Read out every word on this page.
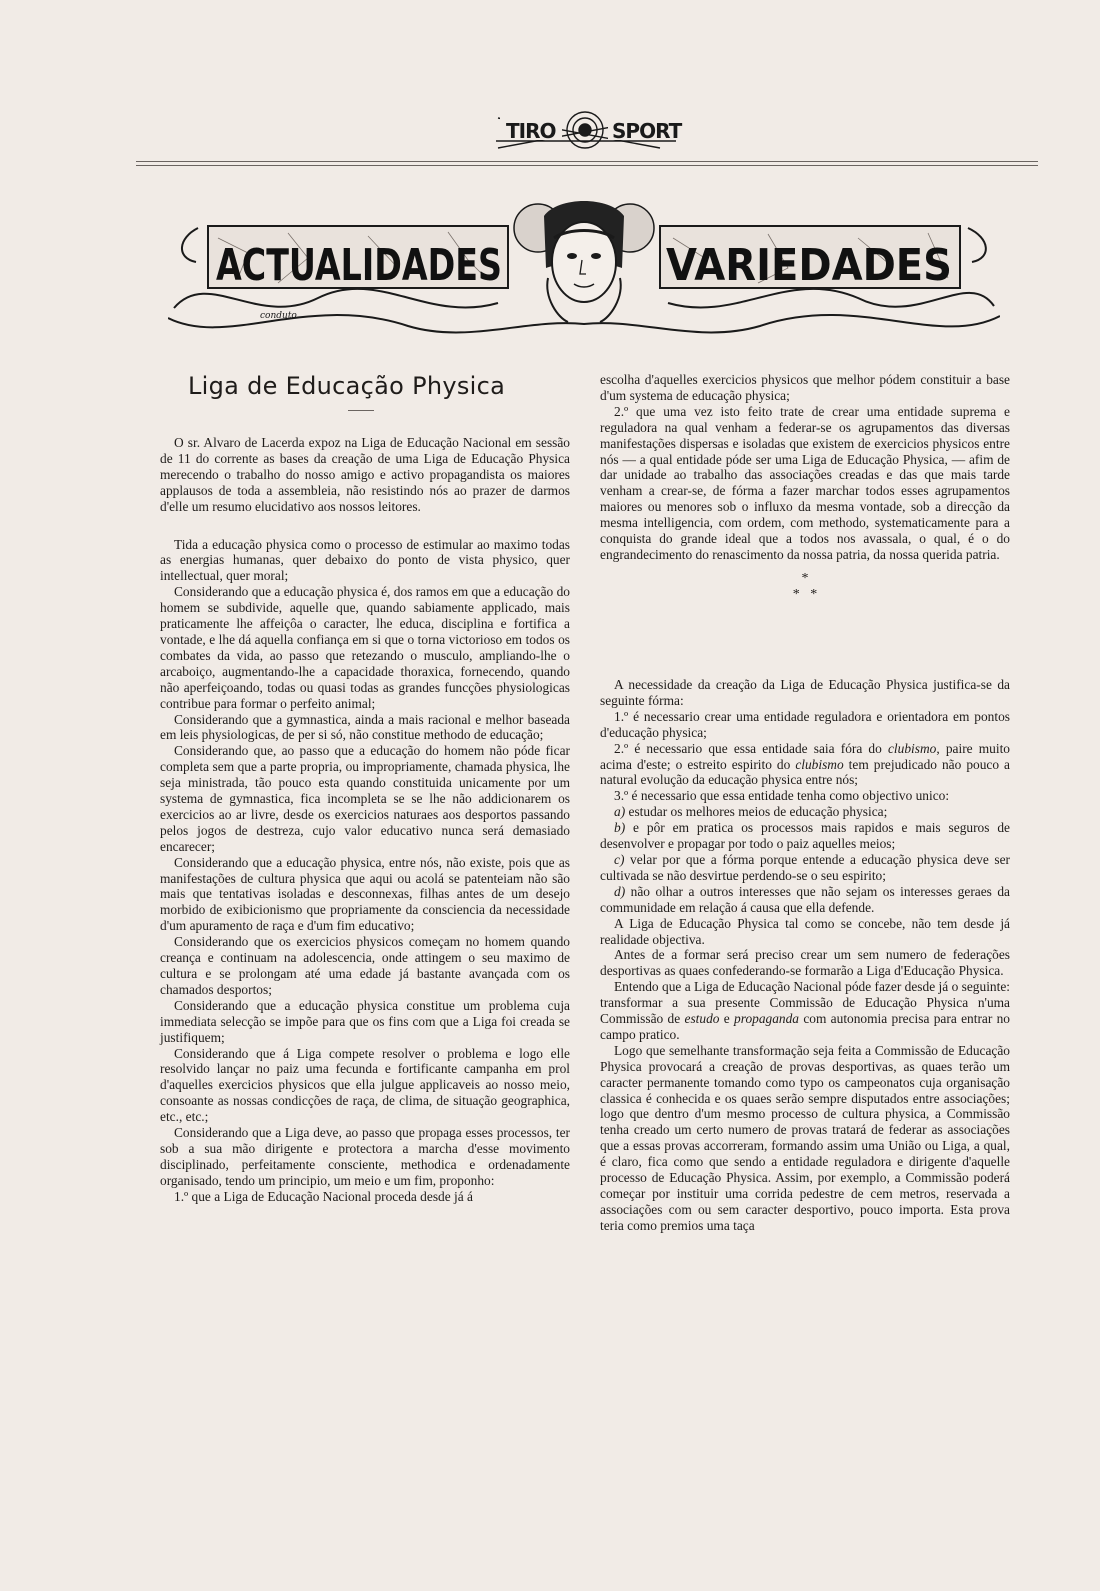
TIRO	SPORT
ACTUALIDADES	VARIEDADES
conduto
Liga de Educação Physica

O sr. Alvaro de Lacerda expoz na Liga de Educação Nacional em sessão de 11 do corrente as bases da creação de uma Liga de Educação Physica merecendo o trabalho do nosso amigo e activo propagandista os maiores applausos de toda a assembleia, não resistindo nós ao prazer de darmos d'elle um resumo elucidativo aos nossos leitores.

Tida a educação physica como o processo de estimular ao maximo todas as energias humanas, quer debaixo do ponto de vista physico, quer intellectual, quer moral;

Considerando que a educação physica é, dos ramos em que a educação do homem se subdivide, aquelle que, quando sabiamente applicado, mais praticamente lhe affeiçôa o caracter, lhe educa, disciplina e fortifica a vontade, e lhe dá aquella confiança em si que o torna victorioso em todos os combates da vida, ao passo que retezando o musculo, ampliando-lhe o arcaboiço, augmentando-lhe a capacidade thoraxica, fornecendo, quando não aperfeiçoando, todas ou quasi todas as grandes funcções physiologicas contribue para formar o perfeito animal;

Considerando que a gymnastica, ainda a mais racional e melhor baseada em leis physiologicas, de per si só, não constitue methodo de educação;

Considerando que, ao passo que a educação do homem não póde ficar completa sem que a parte propria, ou impropriamente, chamada physica, lhe seja ministrada, tão pouco esta quando constituida unicamente por um systema de gymnastica, fica incompleta se se lhe não addicionarem os exercicios ao ar livre, desde os exercicios naturaes aos desportos passando pelos jogos de destreza, cujo valor educativo nunca será demasiado encarecer;

Considerando que a educação physica, entre nós, não existe, pois que as manifestações de cultura physica que aqui ou acolá se patenteiam não são mais que tentativas isoladas e desconnexas, filhas antes de um desejo morbido de exibicionismo que propriamente da consciencia da necessidade d'um apuramento de raça e d'um fim educativo;

Considerando que os exercicios physicos começam no homem quando creança e continuam na adolescencia, onde attingem o seu maximo de cultura e se prolongam até uma edade já bastante avançada com os chamados desportos;

Considerando que a educação physica constitue um problema cuja immediata selecção se impõe para que os fins com que a Liga foi creada se justifiquem;

Considerando que á Liga compete resolver o problema e logo elle resolvido lançar no paiz uma fecunda e fortificante campanha em prol d'aquelles exercicios physicos que ella julgue applicaveis ao nosso meio, consoante as nossas condicções de raça, de clima, de situação geographica, etc., etc.;

Considerando que a Liga deve, ao passo que propaga esses processos, ter sob a sua mão dirigente e protectora a marcha d'esse movimento disciplinado, perfeitamente consciente, methodica e ordenadamente organisado, tendo um principio, um meio e um fim, proponho:

1.º que a Liga de Educação Nacional proceda desde já á

escolha d'aquelles exercicios physicos que melhor pódem constituir a base d'um systema de educação physica;

2.º que uma vez isto feito trate de crear uma entidade suprema e reguladora na qual venham a federar-se os agrupamentos das diversas manifestações dispersas e isoladas que existem de exercicios physicos entre nós — a qual entidade póde ser uma Liga de Educação Physica, — afim de dar unidade ao trabalho das associações creadas e das que mais tarde venham a crear-se, de fórma a fazer marchar todos esses agrupamentos maiores ou menores sob o influxo da mesma vontade, sob a direcção da mesma intelligencia, com ordem, com methodo, systematicamente para a conquista do grande ideal que a todos nos avassala, o qual, é o do engrandecimento do renascimento da nossa patria, da nossa querida patria.

*
*   *

A necessidade da creação da Liga de Educação Physica justifica-se da seguinte fórma:

1.º é necessario crear uma entidade reguladora e orientadora em pontos d'educação physica;

2.º é necessario que essa entidade saia fóra do clubismo, paire muito acima d'este; o estreito espirito do clubismo tem prejudicado não pouco a natural evolução da educação physica entre nós;

3.º é necessario que essa entidade tenha como objectivo unico:

a) estudar os melhores meios de educação physica;

b) e pôr em pratica os processos mais rapidos e mais seguros de desenvolver e propagar por todo o paiz aquelles meios;

c) velar por que a fórma porque entende a educação physica deve ser cultivada se não desvirtue perdendo-se o seu espirito;

d) não olhar a outros interesses que não sejam os interesses geraes da communidade em relação á causa que ella defende.

A Liga de Educação Physica tal como se concebe, não tem desde já realidade objectiva.

Antes de a formar será preciso crear um sem numero de federações desportivas as quaes confederando-se formarão a Liga d'Educação Physica.

Entendo que a Liga de Educação Nacional póde fazer desde já o seguinte: transformar a sua presente Commissão de Educação Physica n'uma Commissão de estudo e propaganda com autonomia precisa para entrar no campo pratico.

Logo que semelhante transformação seja feita a Commissão de Educação Physica provocará a creação de provas desportivas, as quaes terão um caracter permanente tomando como typo os campeonatos cuja organisação classica é conhecida e os quaes serão sempre disputados entre associações; logo que dentro d'um mesmo processo de cultura physica, a Commissão tenha creado um certo numero de provas tratará de federar as associações que a essas provas accorreram, formando assim uma União ou Liga, a qual, é claro, fica como que sendo a entidade reguladora e dirigente d'aquelle processo de Educação Physica. Assim, por exemplo, a Commissão poderá começar por instituir uma corrida pedestre de cem metros, reservada a associações com ou sem caracter desportivo, pouco importa. Esta prova teria como premios uma taça
